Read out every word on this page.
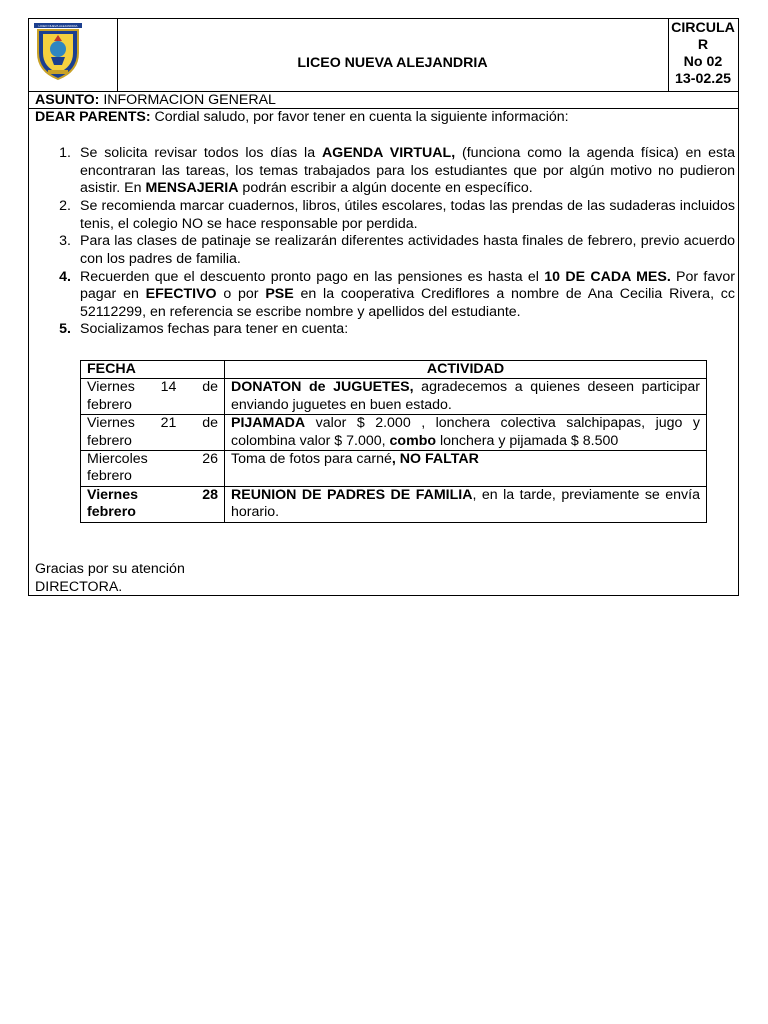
LICEO NUEVA ALEJANDRIA
LICEO NUEVA ALEJANDRIA
CIRCULA
R
No 02
13-02.25
ASUNTO: INFORMACION GENERAL

DEAR PARENTS: Cordial saludo, por favor tener en cuenta la siguiente información:

1. Se solicita revisar todos los días la AGENDA VIRTUAL, (funciona como la agenda física) en esta encontraran las tareas, los temas trabajados para los estudiantes que por algún motivo no pudieron asistir. En MENSAJERIA podrán escribir a algún docente en específico.
2. Se recomienda marcar cuadernos, libros, útiles escolares, todas las prendas de las sudaderas incluidos tenis, el colegio NO se hace responsable por perdida.
3. Para las clases de patinaje se realizarán diferentes actividades hasta finales de febrero, previo acuerdo con los padres de familia.
4. Recuerden que el descuento pronto pago en las pensiones es hasta el 10 DE CADA MES. Por favor pagar en EFECTIVO o por PSE en la cooperativa Crediflores a nombre de Ana Cecilia Rivera, cc 52112299, en referencia se escribe nombre y apellidos del estudiante.
5. Socializamos fechas para tener en cuenta:
FECHA	ACTIVIDAD

Viernes 14 de
febrero	DONATON de JUGUETES, agradecemos a quienes deseen participar enviando juguetes en buen estado.

Viernes 21 de
febrero	PIJAMADA valor $ 2.000 , lonchera colectiva salchipapas, jugo y colombina valor $ 7.000, combo lonchera y pijamada $ 8.500

Miercoles 26
febrero	Toma de fotos para carné, NO FALTAR

Viernes 28
febrero	REUNION DE PADRES DE FAMILIA, en la tarde, previamente se envía horario.
Gracias por su atención
DIRECTORA.
